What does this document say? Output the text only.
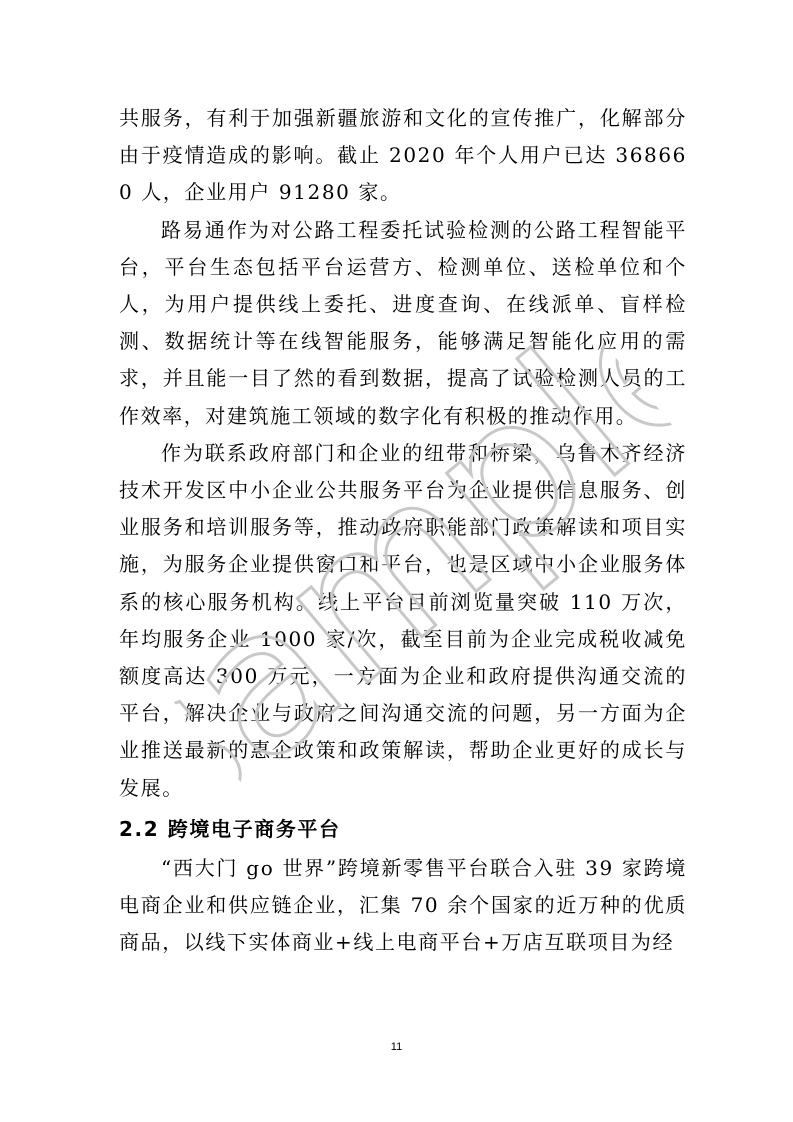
共服务，有利于加强新疆旅游和文化的宣传推广，化解部分由于疫情造成的影响。截止 2020 年个人用户已达 368660 人，企业用户 91280 家。

路易通作为对公路工程委托试验检测的公路工程智能平台，平台生态包括平台运营方、检测单位、送检单位和个人，为用户提供线上委托、进度查询、在线派单、盲样检测、数据统计等在线智能服务，能够满足智能化应用的需求，并且能一目了然的看到数据，提高了试验检测人员的工作效率，对建筑施工领域的数字化有积极的推动作用。

作为联系政府部门和企业的纽带和桥梁，乌鲁木齐经济技术开发区中小企业公共服务平台为企业提供信息服务、创业服务和培训服务等，推动政府职能部门政策解读和项目实施，为服务企业提供窗口和平台，也是区域中小企业服务体系的核心服务机构。线上平台目前浏览量突破 110 万次，年均服务企业 1000 家/次，截至目前为企业完成税收减免额度高达 300 万元，一方面为企业和政府提供沟通交流的平台，解决企业与政府之间沟通交流的问题，另一方面为企业推送最新的惠企政策和政策解读，帮助企业更好的成长与发展。

2.2 跨境电子商务平台

“西大门 go 世界”跨境新零售平台联合入驻 39 家跨境电商企业和供应链企业，汇集 70 余个国家的近万种的优质商品，以线下实体商业+线上电商平台+万店互联项目为经

sample
11
